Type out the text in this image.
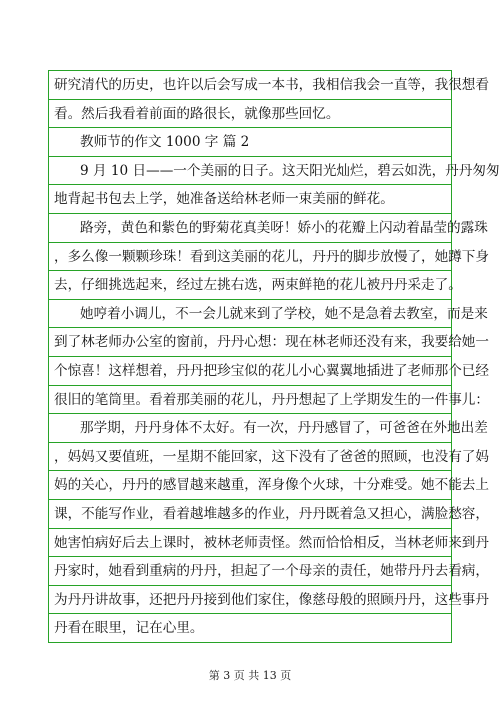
研究清代的历史，也许以后会写成一本书，我相信我会一直等，我很想看
看。然后我看着前面的路很长，就像那些回忆。
教师节的作文 1000 字 篇 2
9 月 10 日——一个美丽的日子。这天阳光灿烂，碧云如洗，丹丹匆匆
地背起书包去上学，她准备送给林老师一束美丽的鲜花。
路旁，黄色和紫色的野菊花真美呀！娇小的花瓣上闪动着晶莹的露珠
，多么像一颗颗珍珠！看到这美丽的花儿，丹丹的脚步放慢了，她蹲下身
去，仔细挑选起来，经过左挑右选，两束鲜艳的花儿被丹丹采走了。
她哼着小调儿，不一会儿就来到了学校，她不是急着去教室，而是来
到了林老师办公室的窗前，丹丹心想：现在林老师还没有来，我要给她一
个惊喜！这样想着，丹丹把珍宝似的花儿小心翼翼地插进了老师那个已经
很旧的笔筒里。看着那美丽的花儿，丹丹想起了上学期发生的一件事儿：
那学期，丹丹身体不太好。有一次，丹丹感冒了，可爸爸在外地出差
，妈妈又要值班，一星期不能回家，这下没有了爸爸的照顾，也没有了妈
妈的关心，丹丹的感冒越来越重，浑身像个火球，十分难受。她不能去上
课，不能写作业，看着越堆越多的作业，丹丹既着急又担心，满脸愁容，
她害怕病好后去上课时，被林老师责怪。然而恰恰相反，当林老师来到丹
丹家时，她看到重病的丹丹，担起了一个母亲的责任，她带丹丹去看病，
为丹丹讲故事，还把丹丹接到他们家住，像慈母般的照顾丹丹，这些事丹
丹看在眼里，记在心里。
第 3 页 共 13 页
